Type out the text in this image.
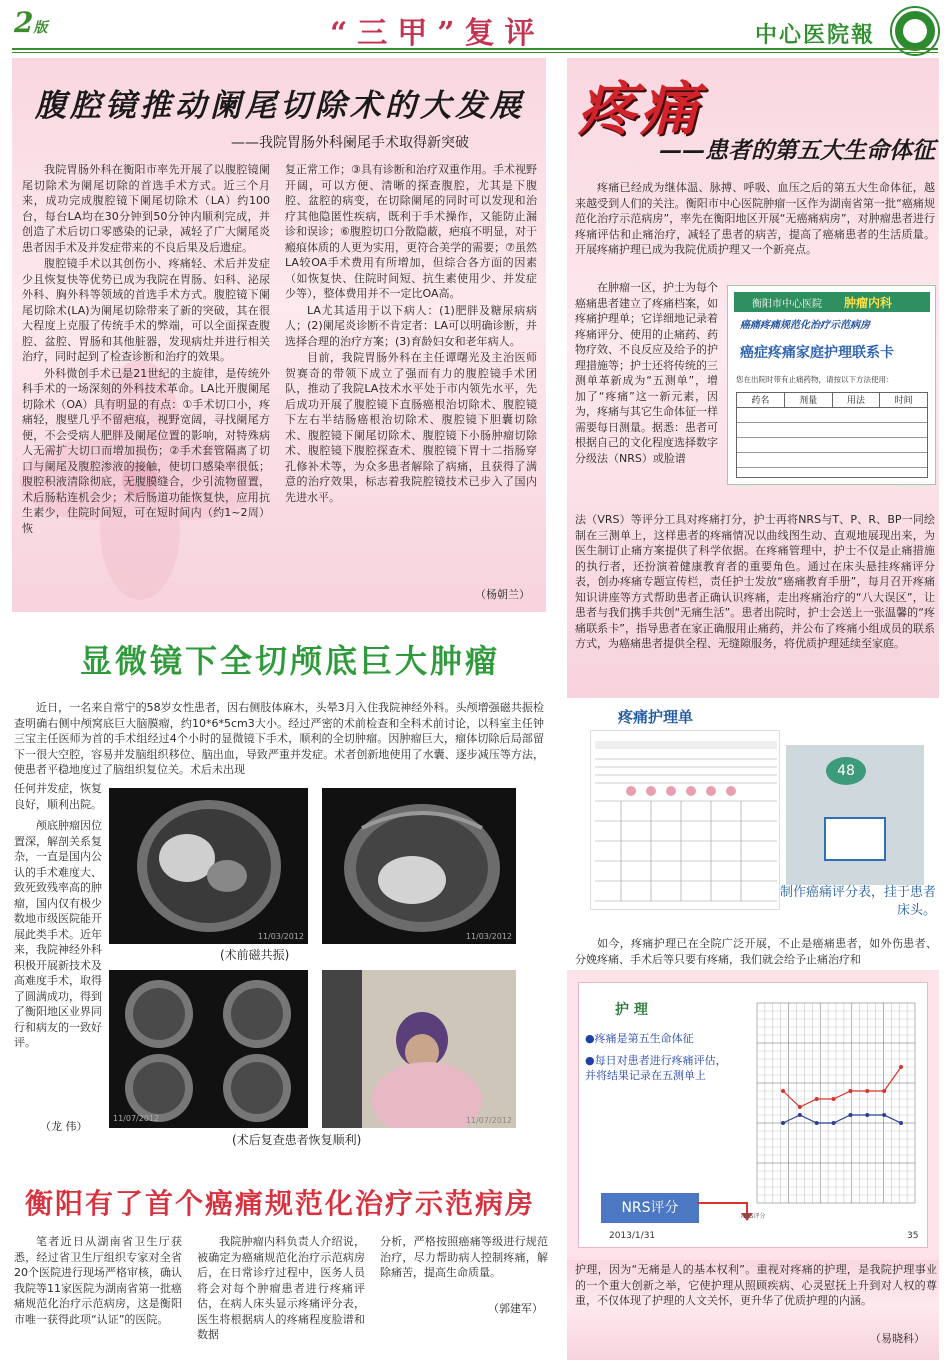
2版	“三甲”复评	中心医院報
腹腔镜推动阑尾切除术的大发展
——我院胃肠外科阑尾手术取得新突破

我院胃肠外科在衡阳市率先开展了以腹腔镜阑尾切除术为阑尾切除的首选手术方式。近三个月来，成功完成腹腔镜下阑尾切除术（LA）约100台，每台LA均在30分钟到50分钟内顺利完成，并创造了术后切口零感染的记录，减轻了广大阑尾炎患者因手术及并发症带来的不良后果及后遗症。

腹腔镜手术以其创伤小、疼痛轻、术后并发症少且恢复快等优势已成为我院在胃肠、妇科、泌尿外科、胸外科等领域的首选手术方式。腹腔镜下阑尾切除术(LA)为阑尾切除带来了新的突破，其在很大程度上克服了传统手术的弊端，可以全面探查腹腔、盆腔、胃肠和其他脏器，发现病灶并进行相关治疗，同时起到了检查诊断和治疗的效果。

外科微创手术已是21世纪的主旋律，是传统外科手术的一场深刻的外科技术革命。LA比开腹阑尾切除术（OA）具有明显的有点：①手术切口小，疼痛轻，腹壁几乎不留疤痕，视野宽阔，寻找阑尾方便，不会受病人肥胖及阑尾位置的影响，对特殊病人无需扩大切口而增加损伤；②手术套管隔离了切口与阑尾及腹腔渗液的接触，使切口感染率很低；腹腔积液清除彻底，无腹膜缝合，少引流物留置，术后肠粘连机会少；术后肠道功能恢复快，应用抗生素少，住院时间短，可在短时间内（约1~2周）恢

复正常工作；③具有诊断和治疗双重作用。手术视野开阔，可以方便、清晰的探查腹腔，尤其是下腹腔、盆腔的病变，在切除阑尾的同时可以发现和治疗其他隐匿性疾病，既利于手术操作，又能防止漏诊和误诊；⑥腹腔切口分散隐蔽，疤痕不明显，对于瘢痕体质的人更为实用，更符合美学的需要；⑦虽然LA较OA手术费用有所增加，但综合各方面的因素（如恢复快、住院时间短、抗生素使用少、并发症少等），整体费用并不一定比OA高。

LA尤其适用于以下病人：(1)肥胖及糖尿病病人；(2)阑尾炎诊断不肯定者：LA可以明确诊断，并选择合理的治疗方案；(3)育龄妇女和老年病人。

目前，我院胃肠外科在主任谭曙光及主治医师贺赛奇的带领下成立了强而有力的腹腔镜手术团队，推动了我院LA技术水平处于市内领先水平，先后成功开展了腹腔镜下直肠癌根治切除术、腹腔镜下左右半结肠癌根治切除术、腹腔镜下胆囊切除术、腹腔镜下阑尾切除术、腹腔镜下小肠肿瘤切除术、腹腔镜下腹腔探查术、腹腔镜下胃十二指肠穿孔修补术等，为众多患者解除了病痛，且获得了满意的治疗效果，标志着我院腔镜技术已步入了国内先进水平。

（杨朝兰）
显微镜下全切颅底巨大肿瘤

近日，一名来自常宁的58岁女性患者，因右侧肢体麻木，头晕3月入住我院神经外科。头颅增强磁共振检查明确右侧中颅窝底巨大脑膜瘤，约10*6*5cm3大小。经过严密的术前检查和全科术前讨论，以科室主任钟三宝主任医师为首的手术组经过4个小时的显微镜下手术，顺利的全切肿瘤。因肿瘤巨大，瘤体切除后局部留下一很大空腔，容易并发脑组织移位、脑出血，导致严重并发症。术者创新地使用了水囊、逐步减压等方法，使患者平稳地度过了脑组织复位关。术后未出现

任何并发症，恢复良好，顺利出院。

颅底肿瘤因位置深，解剖关系复杂，一直是国内公认的手术难度大、致死致残率高的肿瘤，国内仅有极少数地市级医院能开展此类手术。近年来，我院神经外科积极开展新技术及高难度手术，取得了圆满成功，得到了衡阳地区业界同行和病友的一致好评。

（龙 伟）
11/03/2012	11/03/2012
(术前磁共振)
11/07/2012
(术后复查患者恢复顺利)
11/07/2012
衡阳有了首个癌痛规范化治疗示范病房

笔者近日从湖南省卫生厅获悉，经过省卫生厅组织专家对全省20个医院进行现场严格审核，确认我院等11家医院为湖南省第一批癌痛规范化治疗示范病房，这是衡阳市唯一获得此项“认证”的医院。

我院肿瘤内科负责人介绍说，被确定为癌痛规范化治疗示范病房后，在日常诊疗过程中，医务人员将会对每个肿瘤患者进行疼痛评估，在病人床头显示疼痛评分表，医生将根据病人的疼痛程度脸谱和数据

分析，严格按照癌痛等级进行规范治疗，尽力帮助病人控制疼痛，解除痛苦，提高生命质量。

（郭建军）
疼痛
——患者的第五大生命体征

疼痛已经成为继体温、脉搏、呼吸、血压之后的第五大生命体征，越来越受到人们的关注。衡阳市中心医院肿瘤一区作为湖南省第一批“癌痛规范化治疗示范病房”，率先在衡阳地区开展“无癌痛病房”，对肿瘤患者进行疼痛评估和止痛治疗，减轻了患者的病苦，提高了癌痛患者的生活质量。开展疼痛护理已成为我院优质护理又一个新亮点。

在肿瘤一区，护士为每个癌痛患者建立了疼痛档案，如疼痛护理单；它详细地记录着疼痛评分、使用的止痛药、药物疗效、不良反应及给予的护理措施等；护士还将传统的三测单革新成为“五测单”，增加了“疼痛”这一新元素，因为，疼痛与其它生命体征一样需要每日测量。据悉：患者可根据自己的文化程度选择数字分级法（NRS）或脸谱

衡阳市中心医院 肿瘤内科
癌痛疼痛规范化治疗示范病房
癌症疼痛家庭护理联系卡
您在出院时带有止痛药物，请按以下方法使用：
药名	剂量	用法	时间

法（VRS）等评分工具对疼痛打分，护士再将NRS与T、P、R、BP一同绘制在三测单上，这样患者的疼痛情况以曲线图生动、直观地展现出来，为医生制订止痛方案提供了科学依据。在疼痛管理中，护士不仅是止痛措施的执行者，还扮演着健康教育者的重要角色。通过在床头悬挂疼痛评分表，创办疼痛专题宣传栏，责任护士发放“癌痛教育手册”，每月召开疼痛知识讲座等方式帮助患者正确认识疼痛，走出疼痛治疗的“八大误区”，让患者与我们携手共创“无痛生活”。患者出院时，护士会送上一张温馨的“疼痛联系卡”，指导患者在家正确服用止痛药，并公布了疼痛小组成员的联系方式，为癌痛患者提供全程、无缝隙服务，将优质护理延续至家庭。

疼痛护理单
48
制作癌痛评分表，挂于患者床头。

如今，疼痛护理已在全院广泛开展，不止是癌痛患者，如外伤患者、分娩疼痛、手术后等只要有疼痛，我们就会给予止痛治疗和

护 理
●疼痛是第五生命体征
●每日对患者进行疼痛评估，并将结果记录在五测单上
NRS评分
2013/1/31	35
NRS评分

护理，因为“无痛是人的基本权利”。重视对疼痛的护理，是我院护理事业的一个重大创新之举，它使护理从照顾疾病、心灵慰抚上升到对人权的尊重，不仅体现了护理的人文关怀，更升华了优质护理的内涵。

（易晓科）
